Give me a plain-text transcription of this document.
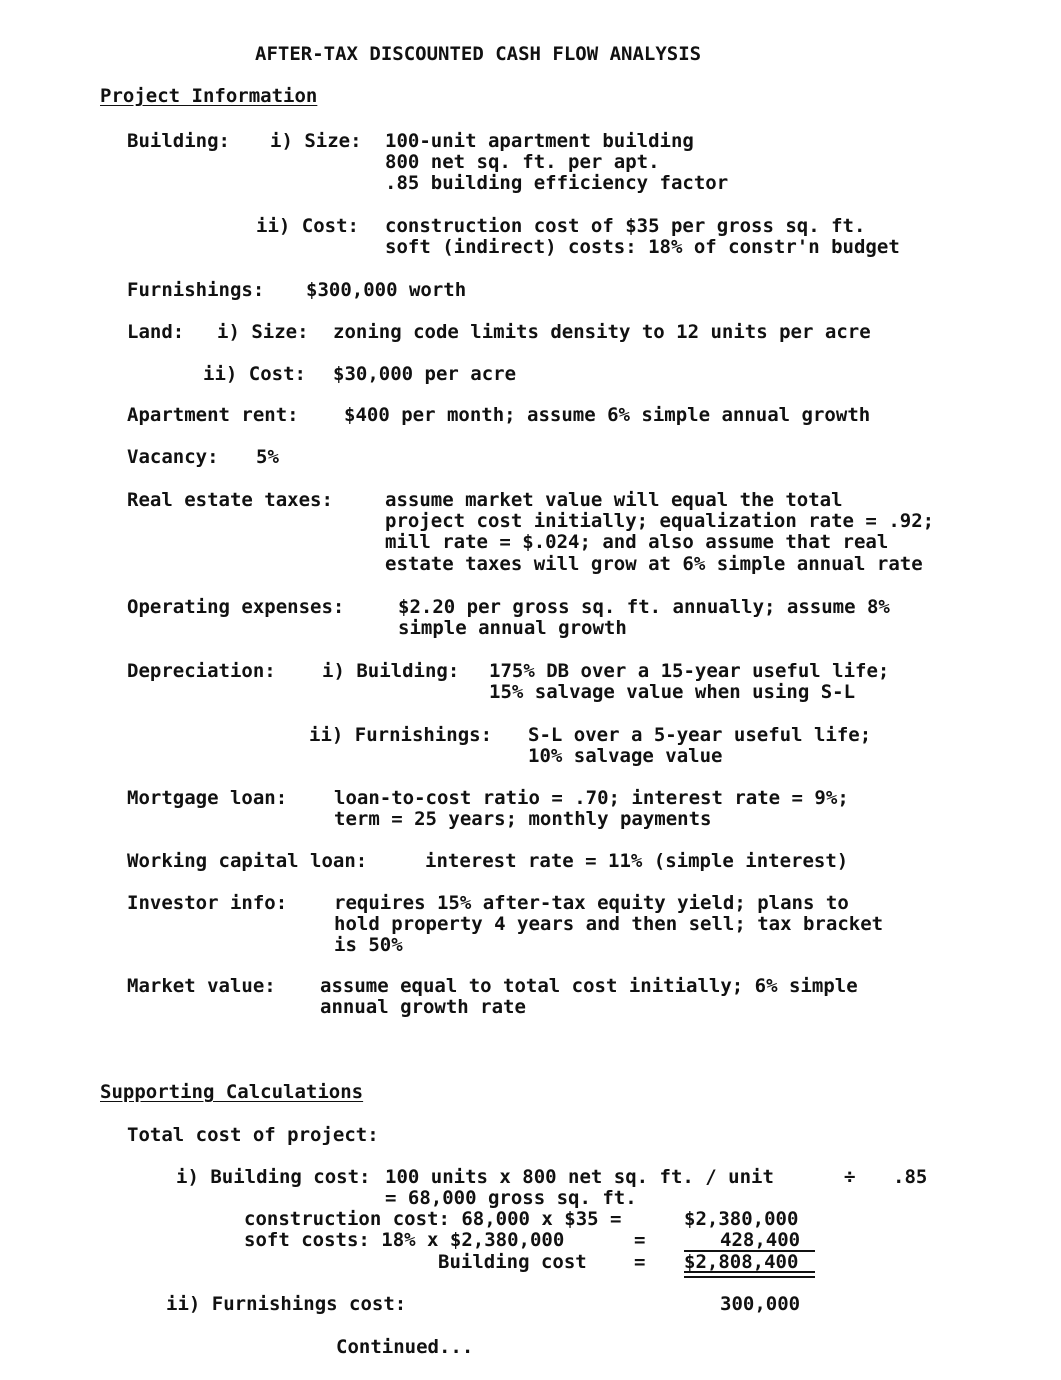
AFTER-TAX DISCOUNTED CASH FLOW ANALYSIS
Project Information
Building: i) Size: 100-unit apartment building
800 net sq. ft. per apt.
.85 building efficiency factor
ii) Cost: construction cost of $35 per gross sq. ft.
soft (indirect) costs: 18% of constr'n budget
Furnishings: $300,000 worth
Land: i) Size: zoning code limits density to 12 units per acre
ii) Cost: $30,000 per acre
Apartment rent: $400 per month; assume 6% simple annual growth
Vacancy: 5%
Real estate taxes:	assume market value will equal the total
project cost initially; equalization rate = .92;
mill rate = $.024; and also assume that real
estate taxes will grow at 6% simple annual rate
Operating expenses:	$2.20 per gross sq. ft. annually; assume 8%
simple annual growth
Depreciation: i) Building: 175% DB over a 15-year useful life;
15% salvage value when using S-L
ii) Furnishings: S-L over a 5-year useful life;
10% salvage value
Mortgage loan: loan-to-cost ratio = .70; interest rate = 9%;
term = 25 years; monthly payments
Working capital loan:	interest rate = 11% (simple interest)
Investor info: requires 15% after-tax equity yield; plans to
hold property 4 years and then sell; tax bracket
is 50%
Market value: assume equal to total cost initially; 6% simple
annual growth rate
Supporting Calculations
Total cost of project:
i) Building cost: 100 units x 800 net sq. ft. / unit	÷ .85
= 68,000 gross sq. ft.
construction cost: 68,000 x $35 =	$2,380,000
soft costs: 18% x $2,380,000	=	428,400
Building cost = $2,808,400
ii) Furnishings cost:	300,000
Continued...
